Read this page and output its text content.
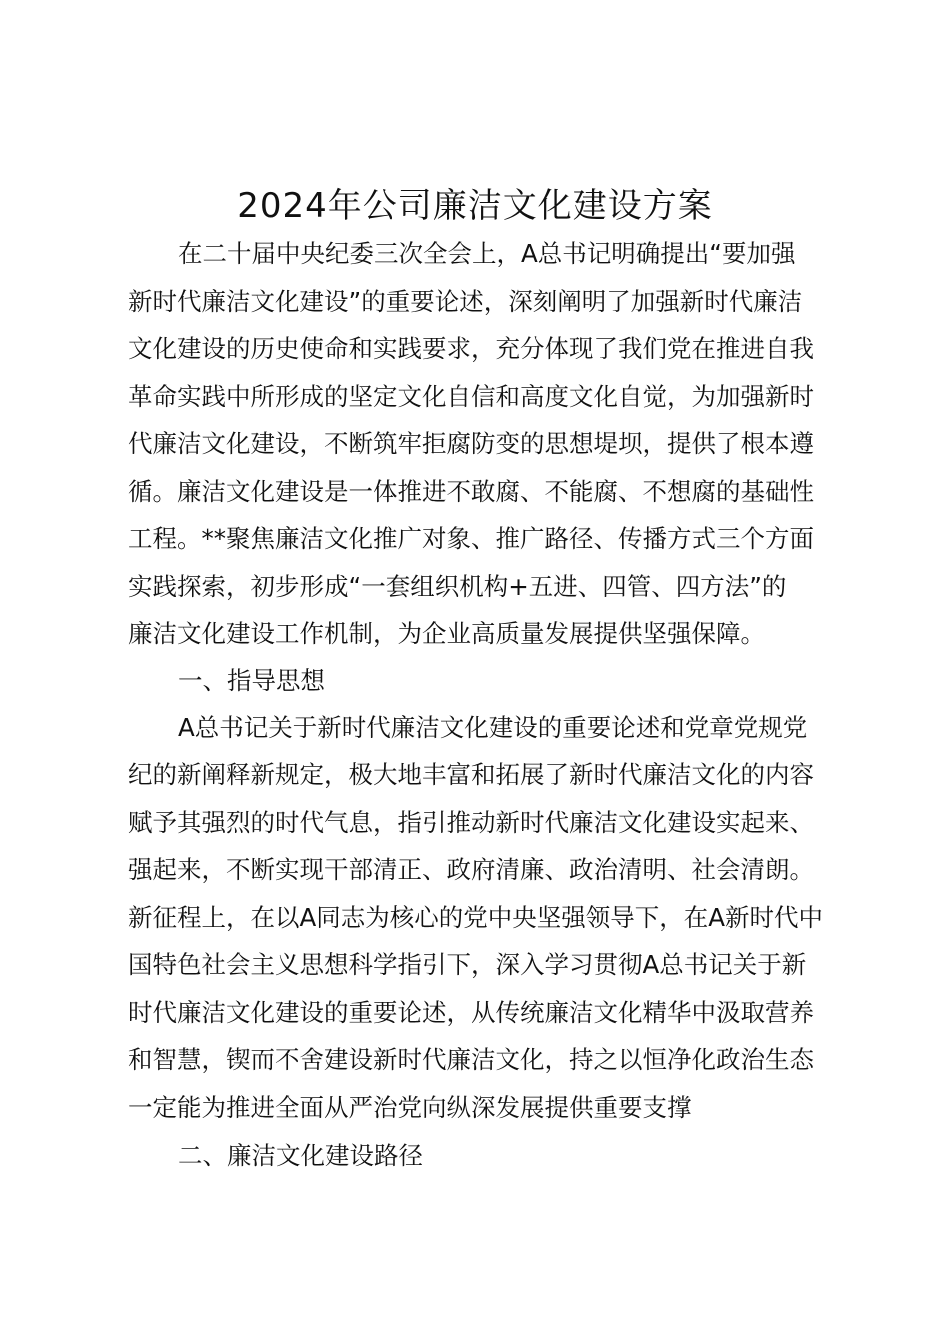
2024年公司廉洁文化建设方案
在二十届中央纪委三次全会上，A总书记明确提出“要加强
新时代廉洁文化建设”的重要论述，深刻阐明了加强新时代廉洁
文化建设的历史使命和实践要求，充分体现了我们党在推进自我
革命实践中所形成的坚定文化自信和高度文化自觉，为加强新时
代廉洁文化建设，不断筑牢拒腐防变的思想堤坝，提供了根本遵
循。廉洁文化建设是一体推进不敢腐、不能腐、不想腐的基础性
工程。**聚焦廉洁文化推广对象、推广路径、传播方式三个方面
实践探索，初步形成“一套组织机构+五进、四管、四方法”的
廉洁文化建设工作机制，为企业高质量发展提供坚强保障。
一、指导思想
A总书记关于新时代廉洁文化建设的重要论述和党章党规党
纪的新阐释新规定，极大地丰富和拓展了新时代廉洁文化的内容
赋予其强烈的时代气息，指引推动新时代廉洁文化建设实起来、
强起来，不断实现干部清正、政府清廉、政治清明、社会清朗。
新征程上，在以A同志为核心的党中央坚强领导下，在A新时代中
国特色社会主义思想科学指引下，深入学习贯彻A总书记关于新
时代廉洁文化建设的重要论述，从传统廉洁文化精华中汲取营养
和智慧，锲而不舍建设新时代廉洁文化，持之以恒净化政治生态
一定能为推进全面从严治党向纵深发展提供重要支撑
二、廉洁文化建设路径
